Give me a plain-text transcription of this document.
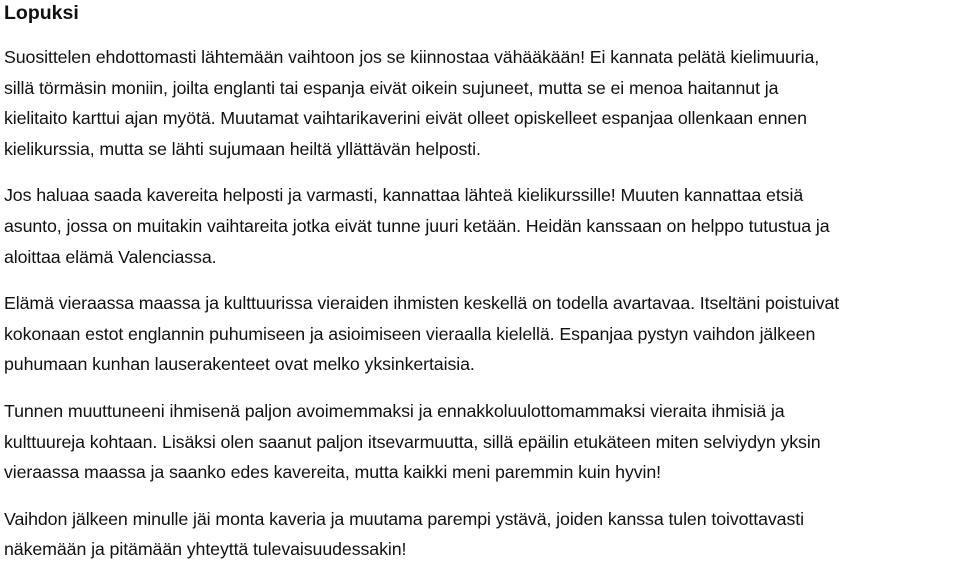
Lopuksi

Suosittelen ehdottomasti lähtemään vaihtoon jos se kiinnostaa vähääkään! Ei kannata pelätä kielimuuria,
sillä törmäsin moniin, joilta englanti tai espanja eivät oikein sujuneet, mutta se ei menoa haitannut ja
kielitaito karttui ajan myötä. Muutamat vaihtarikaverini eivät olleet opiskelleet espanjaa ollenkaan ennen
kielikurssia, mutta se lähti sujumaan heiltä yllättävän helposti.

Jos haluaa saada kavereita helposti ja varmasti, kannattaa lähteä kielikurssille! Muuten kannattaa etsiä
asunto, jossa on muitakin vaihtareita jotka eivät tunne juuri ketään. Heidän kanssaan on helppo tutustua ja
aloittaa elämä Valenciassa.

Elämä vieraassa maassa ja kulttuurissa vieraiden ihmisten keskellä on todella avartavaa. Itseltäni poistuivat
kokonaan estot englannin puhumiseen ja asioimiseen vieraalla kielellä. Espanjaa pystyn vaihdon jälkeen
puhumaan kunhan lauserakenteet ovat melko yksinkertaisia.

Tunnen muuttuneeni ihmisenä paljon avoimemmaksi ja ennakkoluulottomammaksi vieraita ihmisiä ja
kulttuureja kohtaan. Lisäksi olen saanut paljon itsevarmuutta, sillä epäilin etukäteen miten selviydyn yksin
vieraassa maassa ja saanko edes kavereita, mutta kaikki meni paremmin kuin hyvin!

Vaihdon jälkeen minulle jäi monta kaveria ja muutama parempi ystävä, joiden kanssa tulen toivottavasti
näkemään ja pitämään yhteyttä tulevaisuudessakin!
